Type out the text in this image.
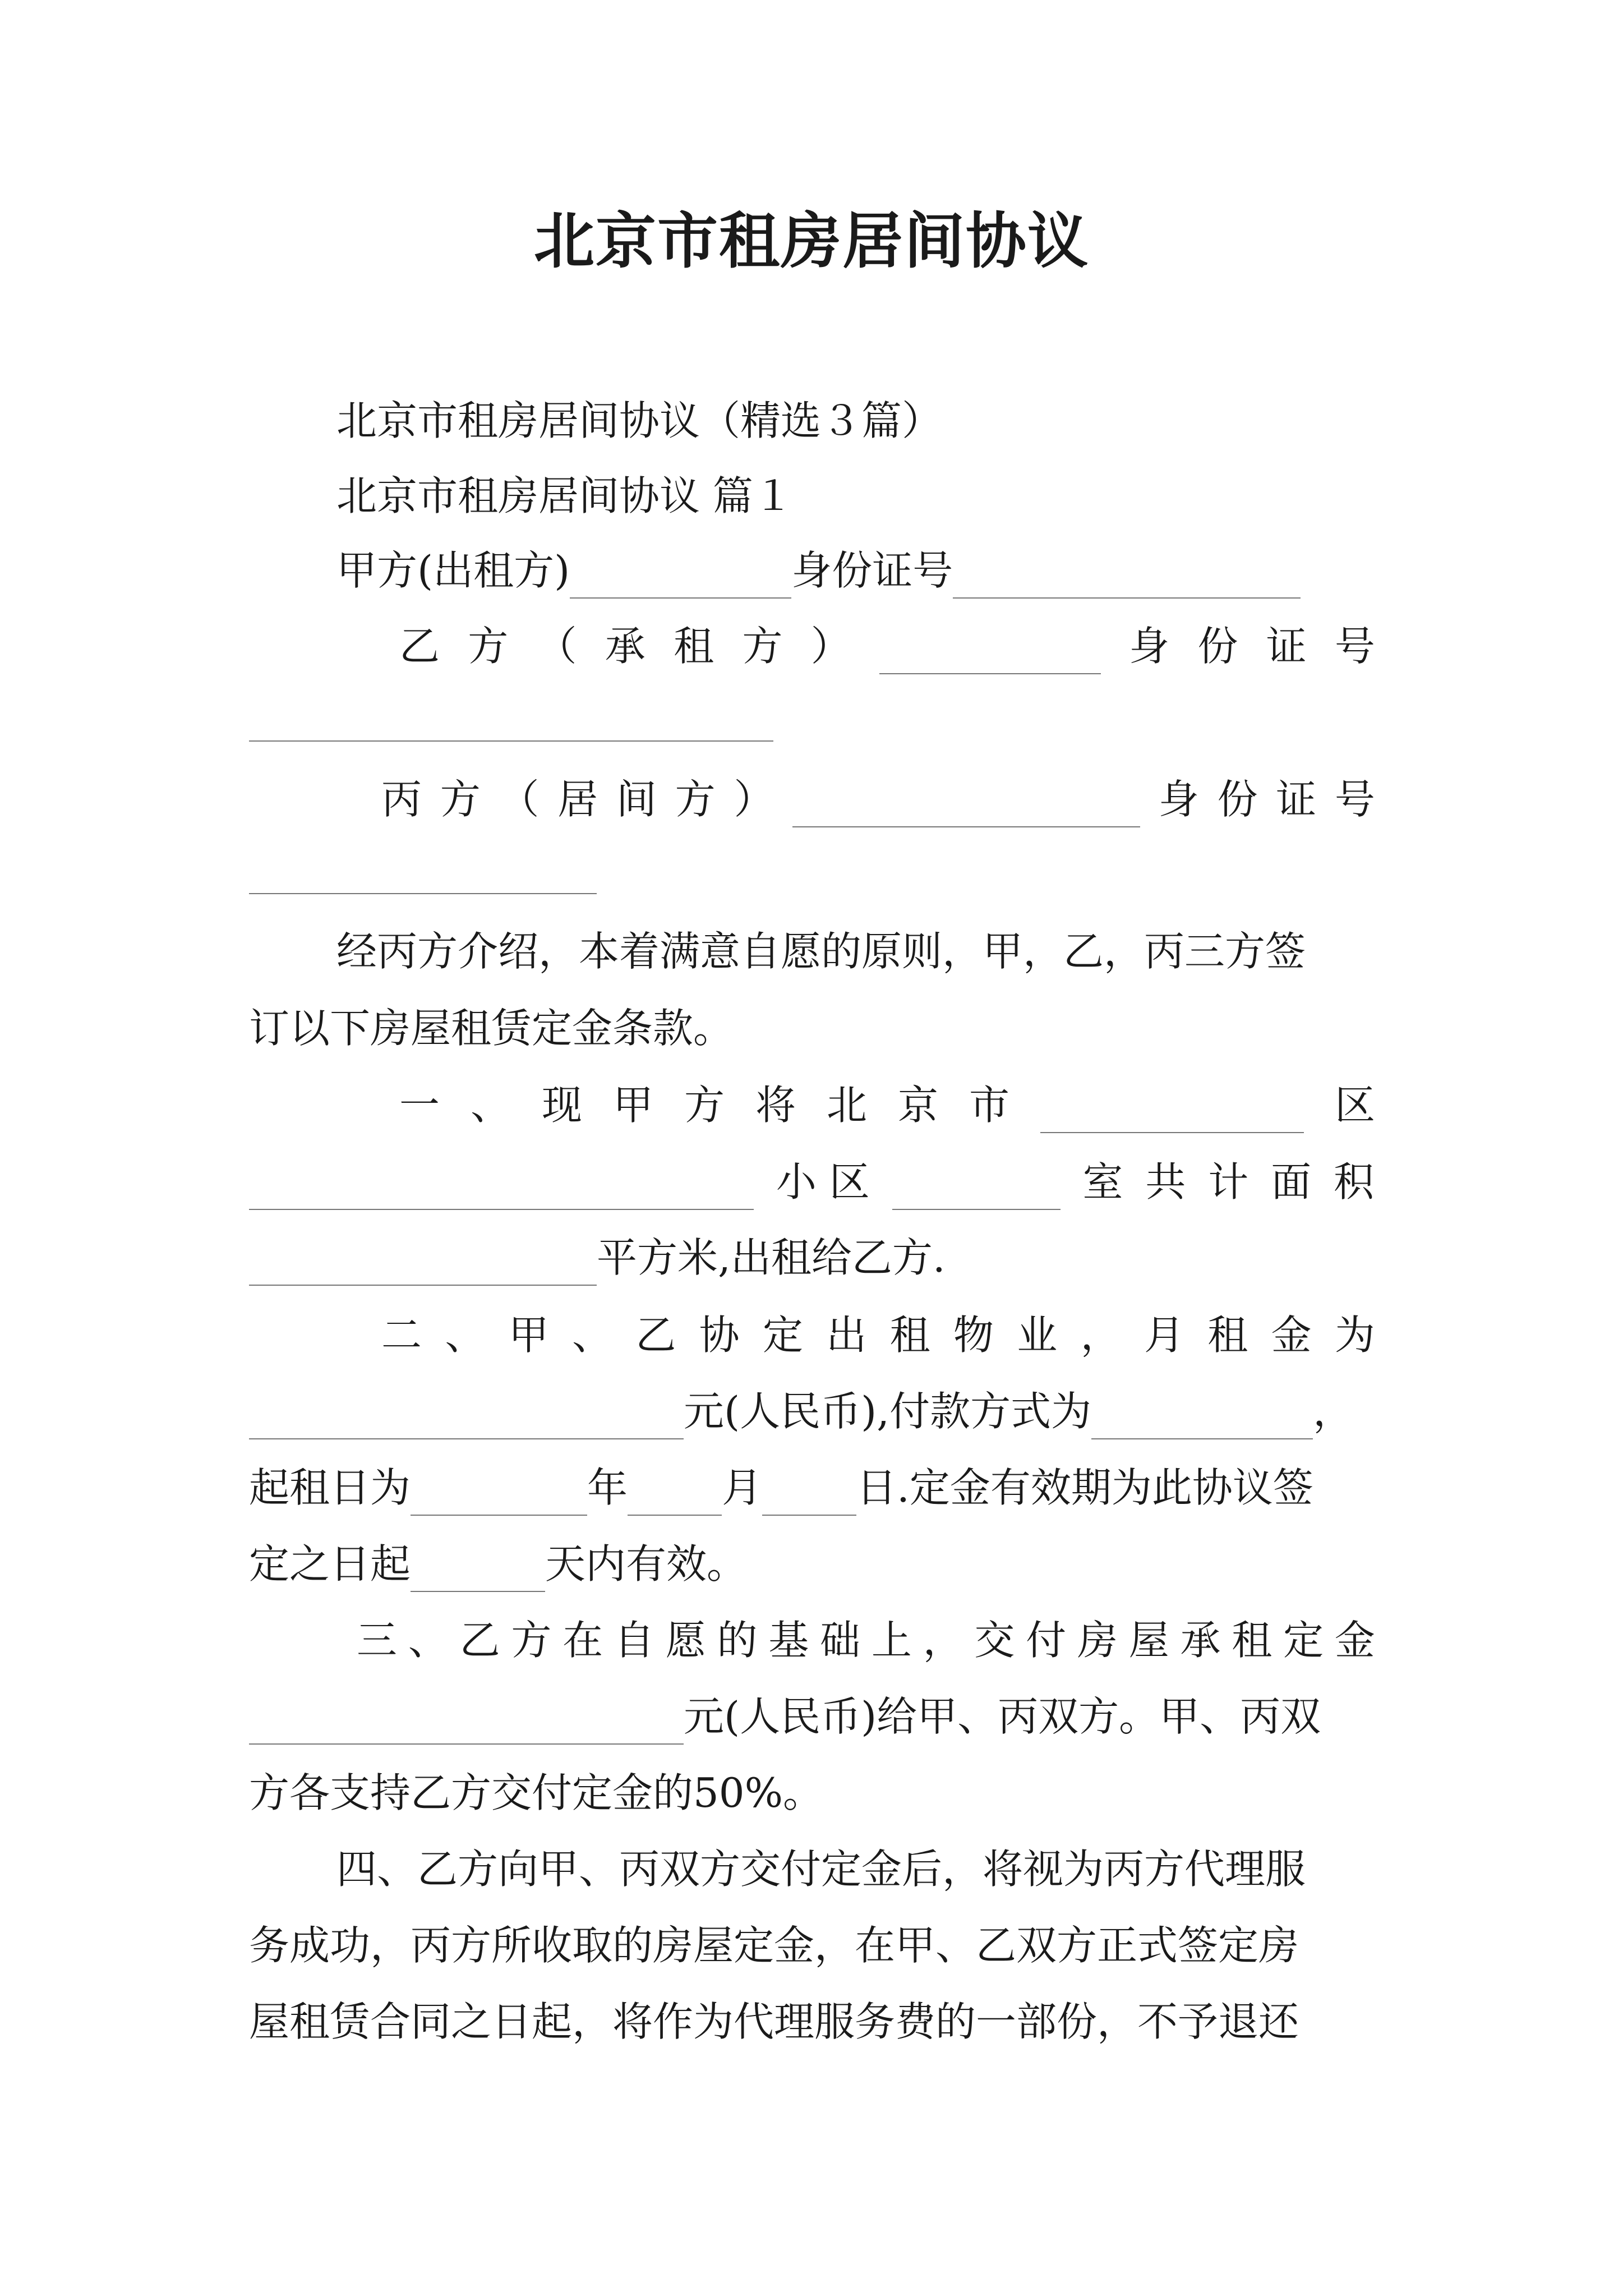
北京市租房居间协议
北京市租房居间协议（精选３篇）
北京市租房居间协议 篇１
甲方(出租方)	身份证号
乙 方 （ 承 租 方 ）	身 份 证 号
丙 方 （ 居 间 方 ）	身 份 证 号
经丙方介绍，本着满意自愿的原则，甲，乙，丙三方签
订以下房屋租赁定金条款。
一 、 现 甲 方 将 北 京 市	区
小 区	室 共 计 面 积
平方米,出租给乙方.
二 、 甲 、 乙 协 定 出 租 物 业 ， 月 租 金 为
元(人民币),付款方式为	，
起租日为	年 月 日.定金有效期为此协议签
定之日起	天内有效。
三 、 乙 方 在 自 愿 的 基 础 上 ， 交 付 房 屋 承 租 定 金
元(人民币)给甲、丙双方。甲、丙双
方各支持乙方交付定金的50%。
四、乙方向甲、丙双方交付定金后，将视为丙方代理服
务成功，丙方所收取的房屋定金，在甲、乙双方正式签定房
屋租赁合同之日起，将作为代理服务费的一部份，不予退还
